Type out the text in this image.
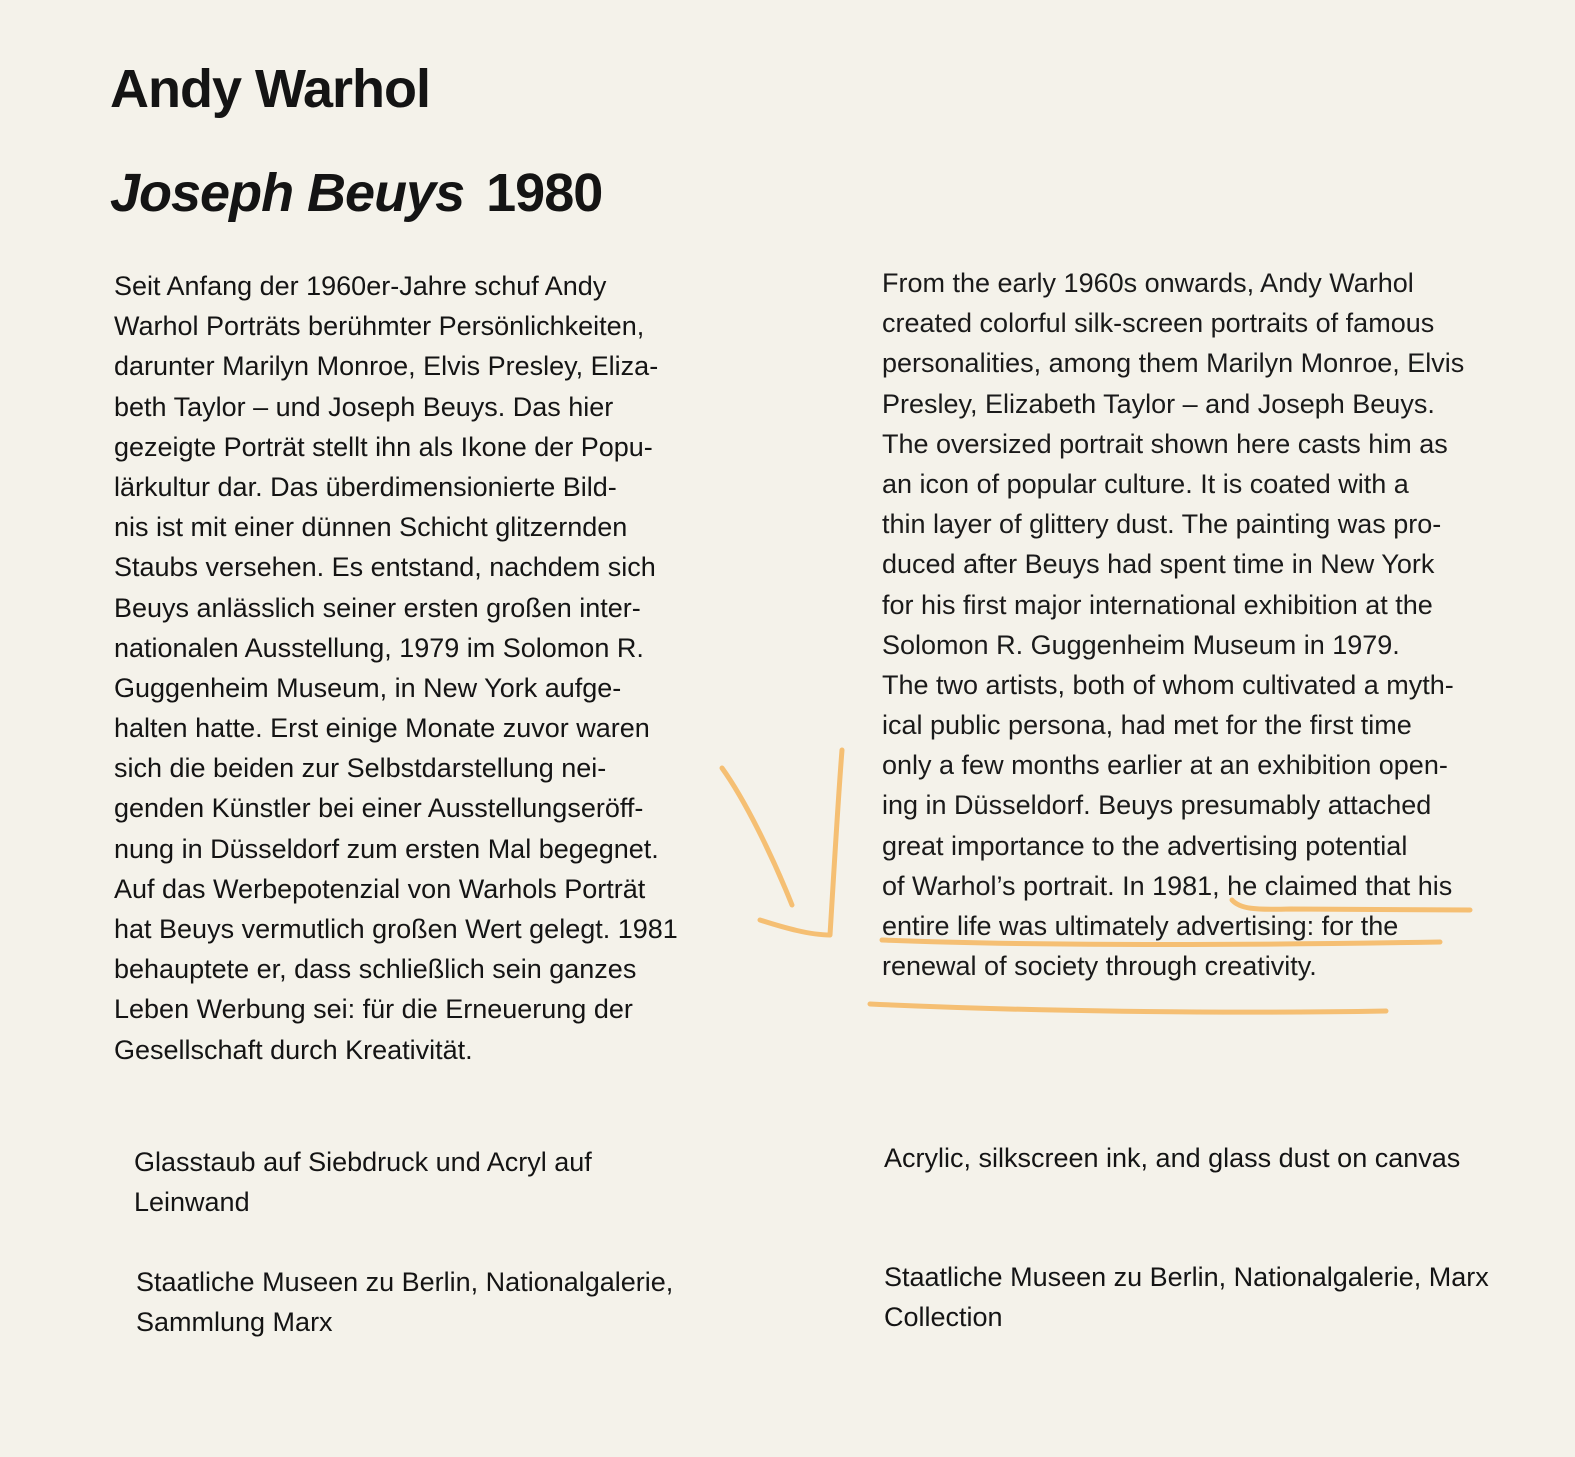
Andy Warhol
Joseph Beuys 1980
Seit Anfang der 1960er-Jahre schuf Andy
Warhol Porträts berühmter Persönlichkeiten,
darunter Marilyn Monroe, Elvis Presley, Eliza-
beth Taylor – und Joseph Beuys. Das hier
gezeigte Porträt stellt ihn als Ikone der Popu-
lärkultur dar. Das überdimensionierte Bild-
nis ist mit einer dünnen Schicht glitzernden
Staubs versehen. Es entstand, nachdem sich
Beuys anlässlich seiner ersten großen inter-
nationalen Ausstellung, 1979 im Solomon R.
Guggenheim Museum, in New York aufge-
halten hatte. Erst einige Monate zuvor waren
sich die beiden zur Selbstdarstellung nei-
genden Künstler bei einer Ausstellungseröff-
nung in Düsseldorf zum ersten Mal begegnet.
Auf das Werbepotenzial von Warhols Porträt
hat Beuys vermutlich großen Wert gelegt. 1981
behauptete er, dass schließlich sein ganzes
Leben Werbung sei: für die Erneuerung der
Gesellschaft durch Kreativität.
From the early 1960s onwards, Andy Warhol
created colorful silk-screen portraits of famous
personalities, among them Marilyn Monroe, Elvis
Presley, Elizabeth Taylor – and Joseph Beuys.
The oversized portrait shown here casts him as
an icon of popular culture. It is coated with a
thin layer of glittery dust. The painting was pro-
duced after Beuys had spent time in New York
for his first major international exhibition at the
Solomon R. Guggenheim Museum in 1979.
The two artists, both of whom cultivated a myth-
ical public persona, had met for the first time
only a few months earlier at an exhibition open-
ing in Düsseldorf. Beuys presumably attached
great importance to the advertising potential
of Warhol’s portrait. In 1981, he claimed that his
entire life was ultimately advertising: for the
renewal of society through creativity.

Glasstaub auf Siebdruck und Acryl auf Leinwand

Staatliche Museen zu Berlin, Nationalgalerie, Sammlung Marx

Acrylic, silkscreen ink, and glass dust on canvas

Staatliche Museen zu Berlin, Nationalgalerie, Marx Collection
